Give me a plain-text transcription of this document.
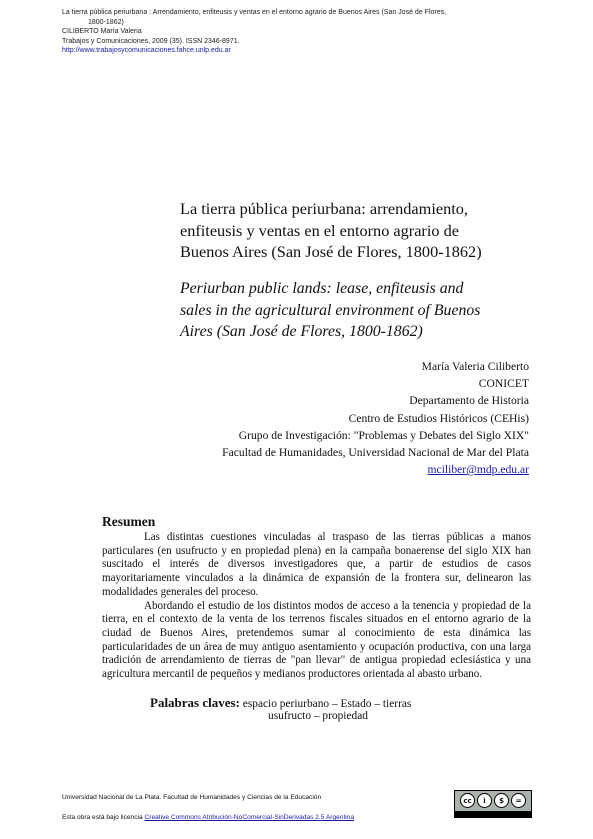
La tierra pública periurbana : Arrendamiento, enfiteusis y ventas en el entorno agrario de Buenos Aires (San José de Flores,
1800-1862)
CILIBERTO María Valeria
Trabajos y Comunicaciones, 2009 (35). ISSN 2346-8971.
http://www.trabajosycomunicaciones.fahce.unlp.edu.ar
La tierra pública periurbana: arrendamiento,
enfiteusis y ventas en el entorno agrario de
Buenos Aires (San José de Flores, 1800-1862)
Periurban public lands: lease, enfiteusis and
sales in the agricultural environment of Buenos
Aires (San José de Flores, 1800-1862)
María Valeria Ciliberto
CONICET
Departamento de Historia
Centro de Estudios Históricos (CEHis)
Grupo de Investigación: "Problemas y Debates del Siglo XIX"
Facultad de Humanidades, Universidad Nacional de Mar del Plata
mciliber@mdp.edu.ar
Resumen

Las distintas cuestiones vinculadas al traspaso de las tierras públicas a manos particulares (en usufructo y en propiedad plena) en la campaña bonaerense del siglo XIX han suscitado el interés de diversos investigadores que, a partir de estudios de casos mayoritariamente vinculados a la dinámica de expansión de la frontera sur, delinearon las modalidades generales del proceso.

Abordando el estudio de los distintos modos de acceso a la tenencia y propiedad de la tierra, en el contexto de la venta de los terrenos fiscales situados en el entorno agrario de la ciudad de Buenos Aires, pretendemos sumar al conocimiento de esta dinámica las particularidades de un área de muy antiguo asentamiento y ocupación productiva, con una larga tradición de arrendamiento de tierras de "pan llevar" de antigua propiedad eclesiástica y una agricultura mercantil de pequeños y medianos productores orientada al abasto urbano.

Palabras claves: espacio periurbano – Estado – tierras
usufructo – propiedad
Universidad Nacional de La Plata. Facultad de Humanidades y Ciencias de la Educación
Esta obra está bajo licencia Creative Commons Atribución-NoComercial-SinDerivadas 2.5 Argentina
cc	i	$	=
